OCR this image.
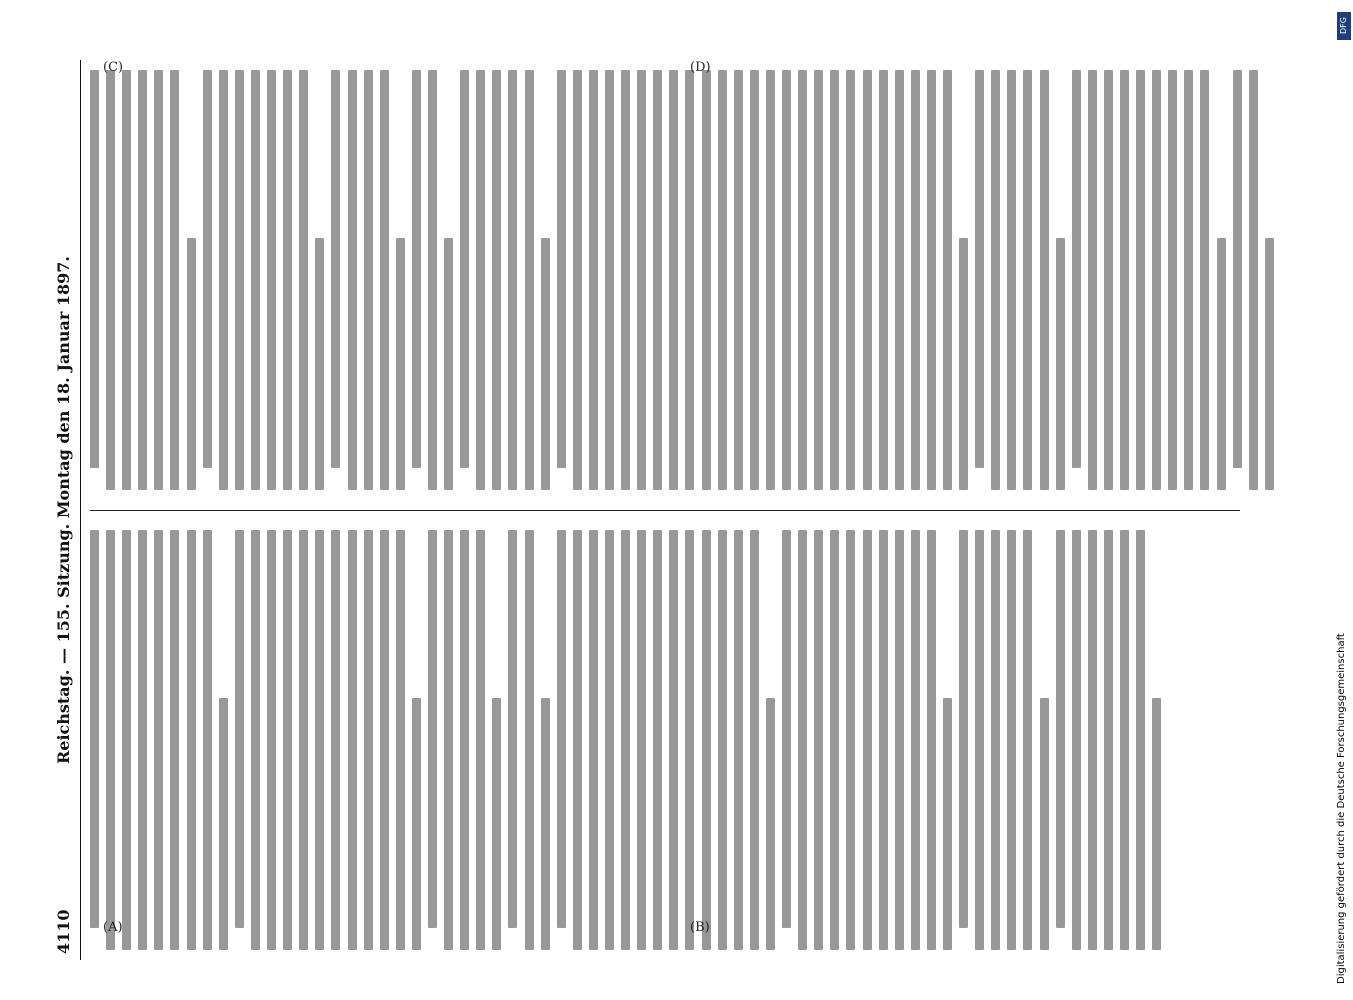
4110
Reichstag. — 155. Sitzung. Montag den 18. Januar 1897.
(A)	(B)
(C)	(D)
DFG
Digitalisierung gefördert durch die Deutsche Forschungsgemeinschaft
